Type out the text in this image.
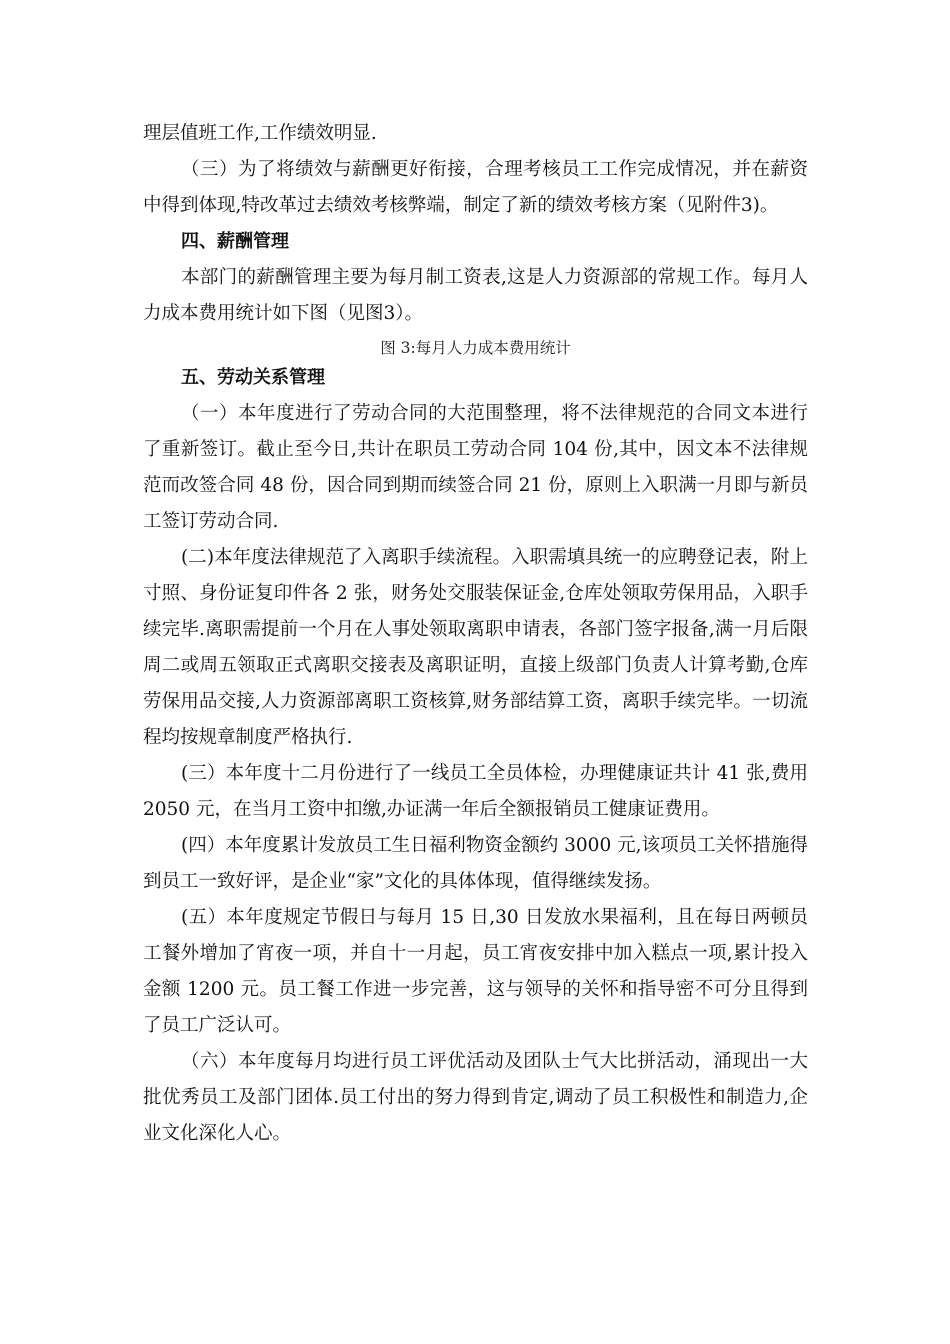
理层值班工作,工作绩效明显.

（三）为了将绩效与薪酬更好衔接，合理考核员工工作完成情况，并在薪资中得到体现,特改革过去绩效考核弊端，制定了新的绩效考核方案（见附件3)。

四、薪酬管理

本部门的薪酬管理主要为每月制工资表,这是人力资源部的常规工作。每月人力成本费用统计如下图（见图3）。

图 3:每月人力成本费用统计

五、劳动关系管理

（一）本年度进行了劳动合同的大范围整理，将不法律规范的合同文本进行了重新签订。截止至今日,共计在职员工劳动合同 104 份,其中，因文本不法律规范而改签合同 48 份，因合同到期而续签合同 21 份，原则上入职满一月即与新员工签订劳动合同.

(二)本年度法律规范了入离职手续流程。入职需填具统一的应聘登记表，附上寸照、身份证复印件各 2 张，财务处交服装保证金,仓库处领取劳保用品，入职手续完毕.离职需提前一个月在人事处领取离职申请表，各部门签字报备,满一月后限周二或周五领取正式离职交接表及离职证明，直接上级部门负责人计算考勤,仓库劳保用品交接,人力资源部离职工资核算,财务部结算工资，离职手续完毕。一切流程均按规章制度严格执行.

(三）本年度十二月份进行了一线员工全员体检，办理健康证共计 41 张,费用 2050 元，在当月工资中扣缴,办证满一年后全额报销员工健康证费用。

(四）本年度累计发放员工生日福利物资金额约 3000 元,该项员工关怀措施得到员工一致好评，是企业“家”文化的具体体现，值得继续发扬。

(五）本年度规定节假日与每月 15 日,30 日发放水果福利，且在每日两顿员工餐外增加了宵夜一项，并自十一月起，员工宵夜安排中加入糕点一项,累计投入金额 1200 元。员工餐工作进一步完善，这与领导的关怀和指导密不可分且得到了员工广泛认可。

（六）本年度每月均进行员工评优活动及团队士气大比拼活动，涌现出一大批优秀员工及部门团体.员工付出的努力得到肯定,调动了员工积极性和制造力,企业文化深化人心。
